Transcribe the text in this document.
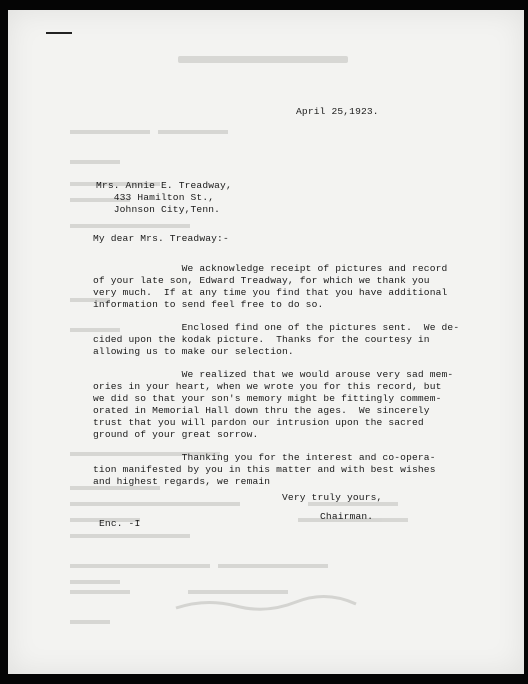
April 25,1923.
Mrs. Annie E. Treadway,
433 Hamilton St.,
Johnson City,Tenn.
My dear Mrs. Treadway:-
We acknowledge receipt of pictures and record
of your late son, Edward Treadway, for which we thank you
very much.  If at any time you find that you have additional
information to send feel free to do so.
Enclosed find one of the pictures sent.  We de-
cided upon the kodak picture.  Thanks for the courtesy in
allowing us to make our selection.
We realized that we would arouse very sad mem-
ories in your heart, when we wrote you for this record, but
we did so that your son's memory might be fittingly commem-
orated in Memorial Hall down thru the ages.  We sincerely
trust that you will pardon our intrusion upon the sacred
ground of your great sorrow.
Thanking you for the interest and co-opera-
tion manifested by you in this matter and with best wishes
and highest regards, we remain
Very truly yours,
Chairman.
Enc. -I
